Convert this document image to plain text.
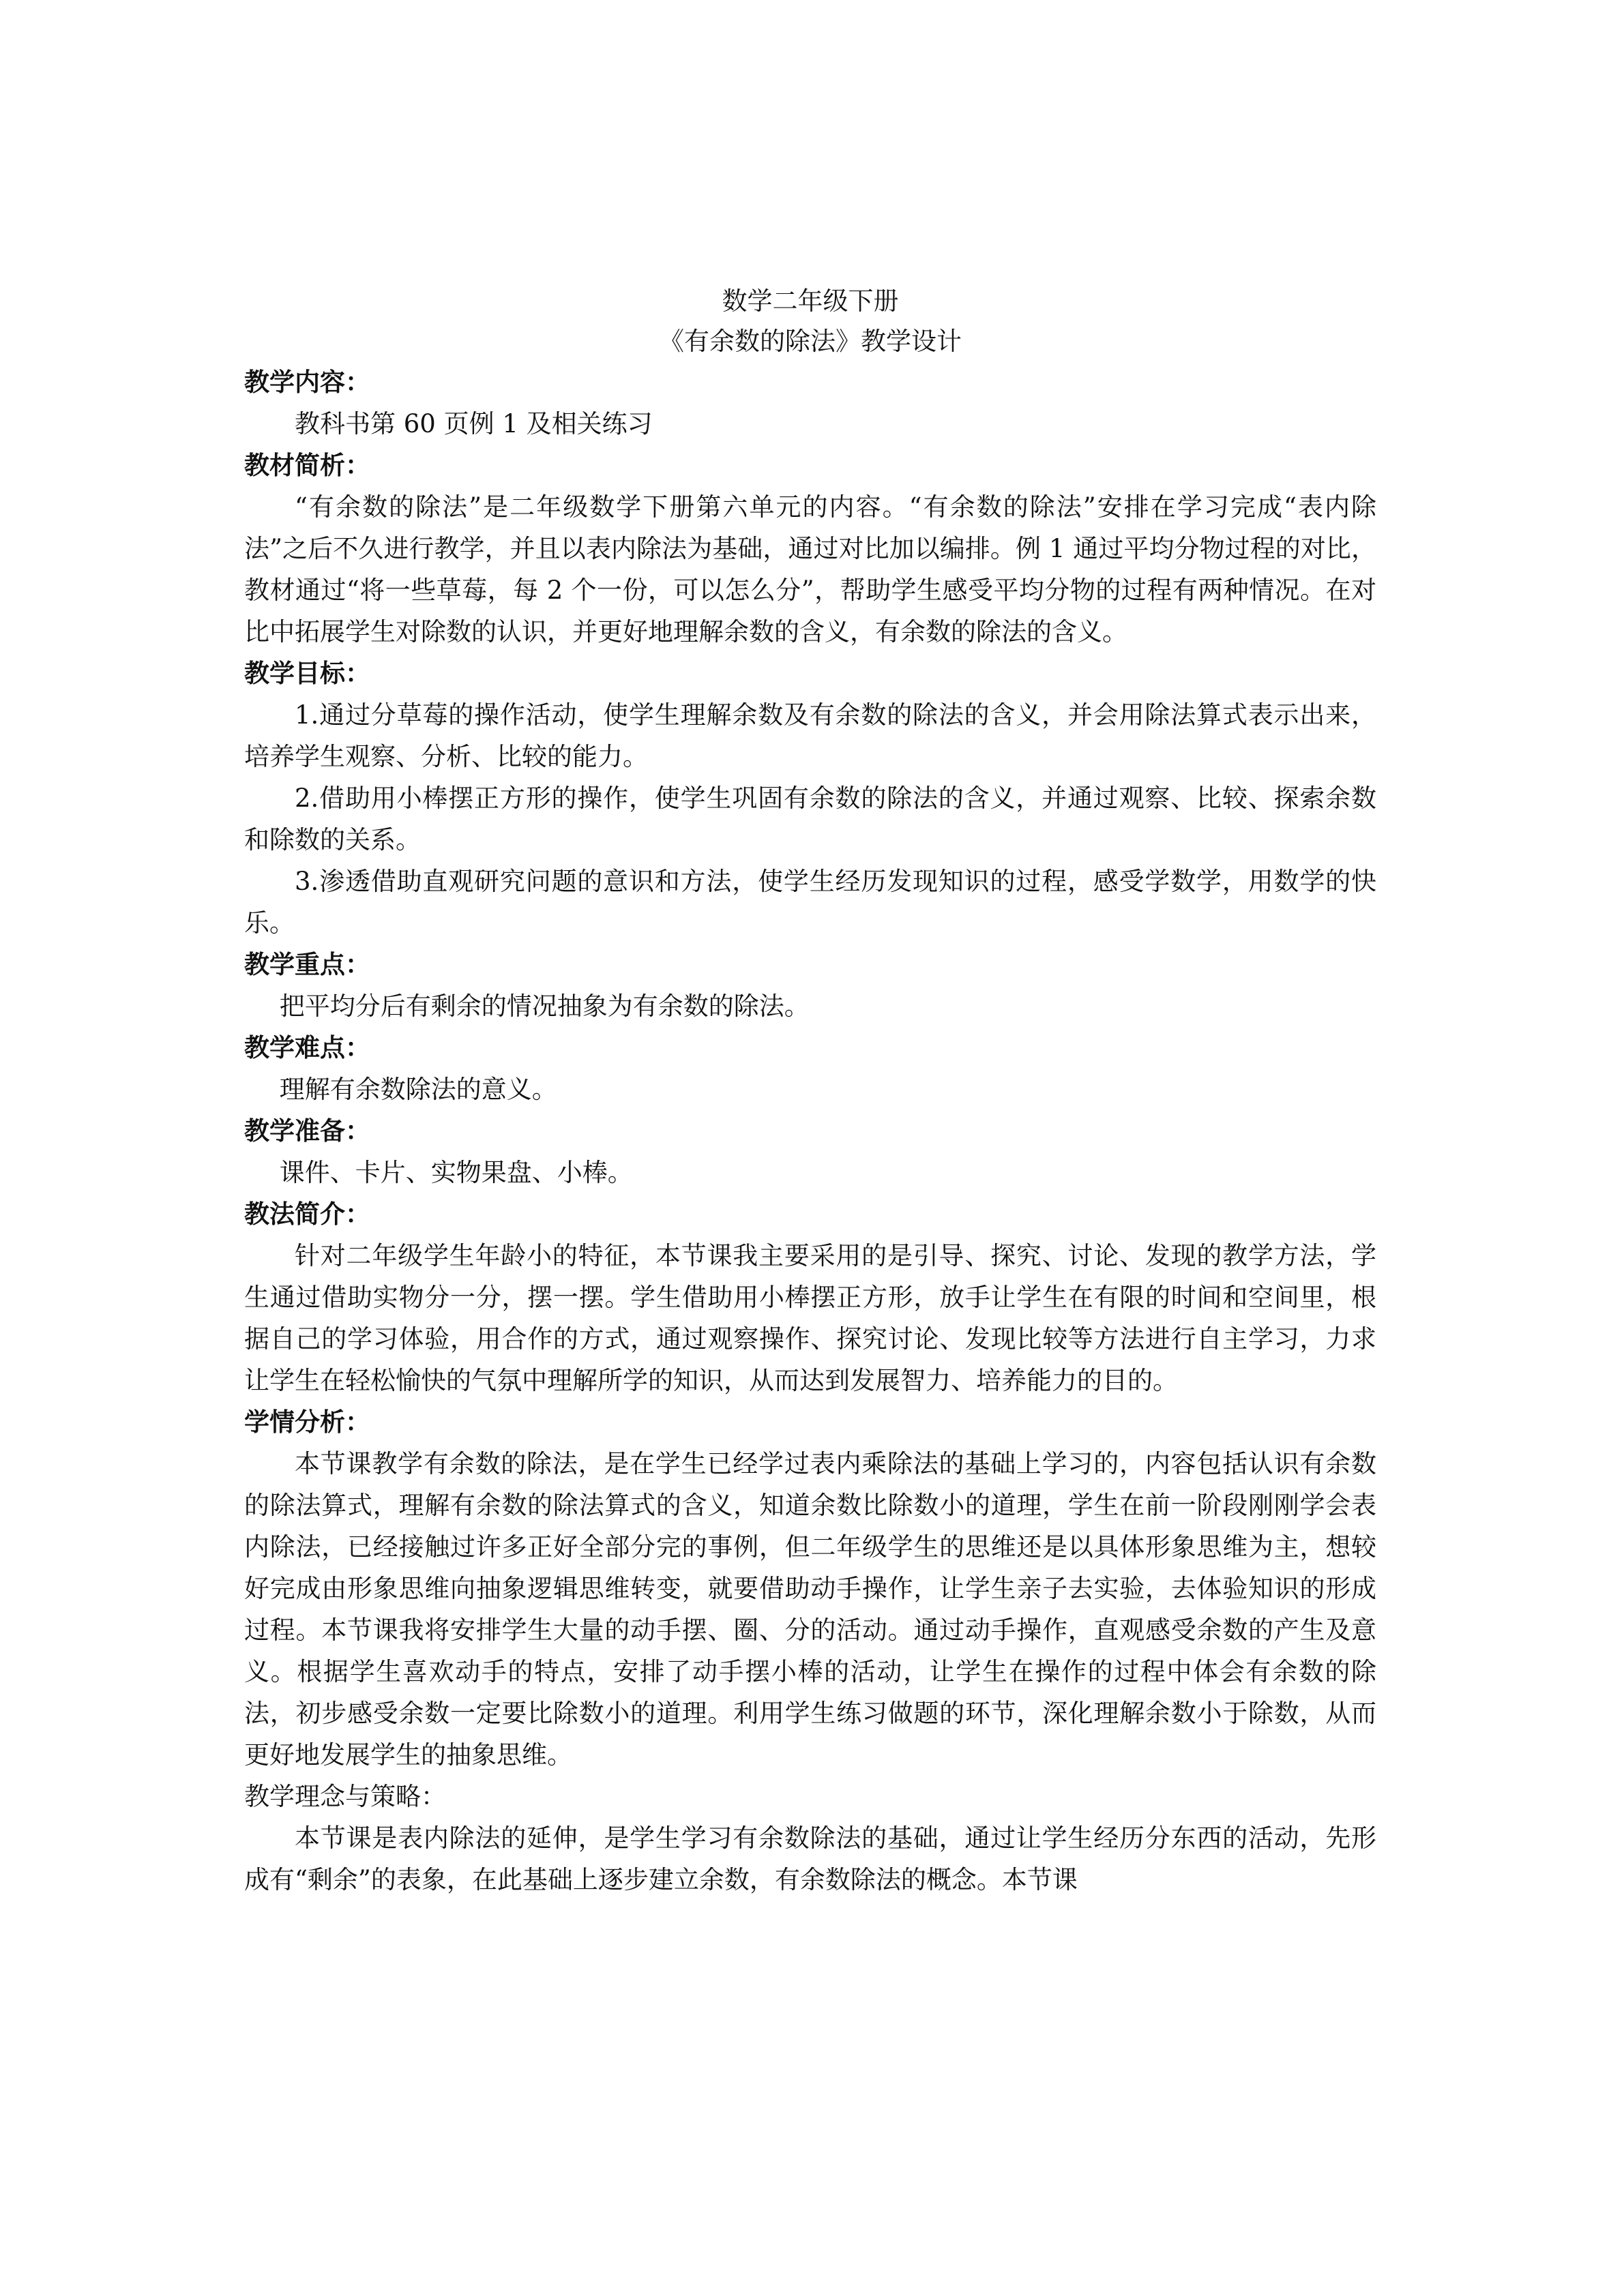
数学二年级下册

《有余数的除法》教学设计

教学内容：

教科书第 60 页例 1 及相关练习

教材简析：

“有余数的除法”是二年级数学下册第六单元的内容。“有余数的除法”安排在学习完成“表内除法”之后不久进行教学，并且以表内除法为基础，通过对比加以编排。例 1 通过平均分物过程的对比，教材通过“将一些草莓，每 2 个一份，可以怎么分”，帮助学生感受平均分物的过程有两种情况。在对比中拓展学生对除数的认识，并更好地理解余数的含义，有余数的除法的含义。

教学目标：

1.通过分草莓的操作活动，使学生理解余数及有余数的除法的含义，并会用除法算式表示出来，培养学生观察、分析、比较的能力。

2.借助用小棒摆正方形的操作，使学生巩固有余数的除法的含义，并通过观察、比较、探索余数和除数的关系。

3.渗透借助直观研究问题的意识和方法，使学生经历发现知识的过程，感受学数学，用数学的快乐。

教学重点：

把平均分后有剩余的情况抽象为有余数的除法。

教学难点：

理解有余数除法的意义。

教学准备：

课件、卡片、实物果盘、小棒。

教法简介：

针对二年级学生年龄小的特征，本节课我主要采用的是引导、探究、讨论、发现的教学方法，学生通过借助实物分一分，摆一摆。学生借助用小棒摆正方形，放手让学生在有限的时间和空间里，根据自己的学习体验，用合作的方式，通过观察操作、探究讨论、发现比较等方法进行自主学习，力求让学生在轻松愉快的气氛中理解所学的知识，从而达到发展智力、培养能力的目的。

学情分析：

本节课教学有余数的除法，是在学生已经学过表内乘除法的基础上学习的，内容包括认识有余数的除法算式，理解有余数的除法算式的含义，知道余数比除数小的道理，学生在前一阶段刚刚学会表内除法，已经接触过许多正好全部分完的事例，但二年级学生的思维还是以具体形象思维为主，想较好完成由形象思维向抽象逻辑思维转变，就要借助动手操作，让学生亲子去实验，去体验知识的形成过程。本节课我将安排学生大量的动手摆、圈、分的活动。通过动手操作，直观感受余数的产生及意义。根据学生喜欢动手的特点，安排了动手摆小棒的活动，让学生在操作的过程中体会有余数的除法，初步感受余数一定要比除数小的道理。利用学生练习做题的环节，深化理解余数小于除数，从而更好地发展学生的抽象思维。

教学理念与策略：

本节课是表内除法的延伸，是学生学习有余数除法的基础，通过让学生经历分东西的活动，先形成有“剩余”的表象，在此基础上逐步建立余数，有余数除法的概念。本节课
